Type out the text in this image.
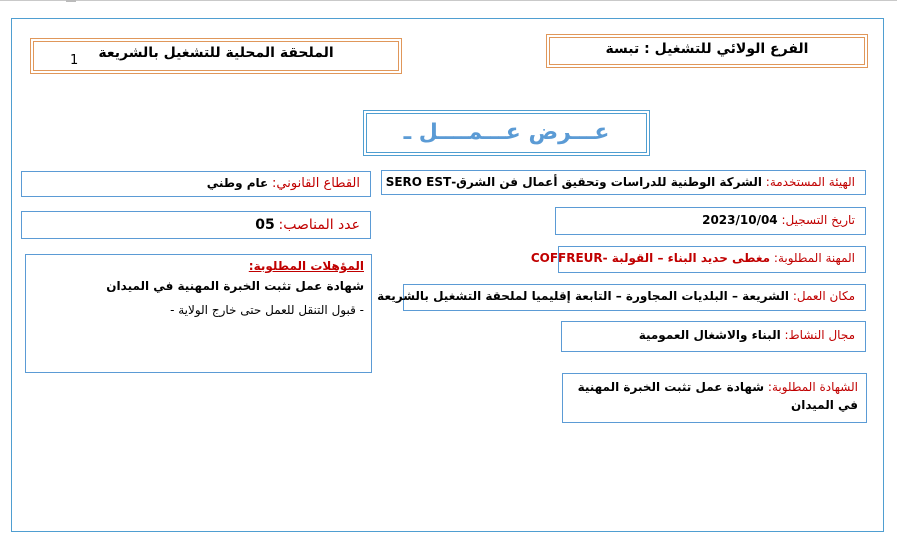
الفرع الولائي للتشغيل : تبسة
الملحقة المحلية للتشغيل بالشريعة
1
عـــرض عـــمــــل ـ
الهيئة المستخدمة: الشركة الوطنية للدراسات وتحقيق أعمال فن الشرق-SERO EST
القطاع القانوني: عام وطني
تاريخ التسجيل: 2023/10/04
عدد المناصب: 05
المهنة المطلوبة: مغطى حديد البناء – القولبة -COFFREUR
المؤهلات المطلوبة:
شهادة عمل تثبت الخبرة المهنية في الميدان
- قبول التنقل للعمل حتى خارج الولاية -
مكان العمل: الشريعة – البلديات المجاورة – التابعة إقليميا لملحقة التشغيل بالشريعة
مجال النشاط: البناء والاشغال العمومية
الشهادة المطلوبة: شهادة عمل تثبت الخبرة المهنية في الميدان
